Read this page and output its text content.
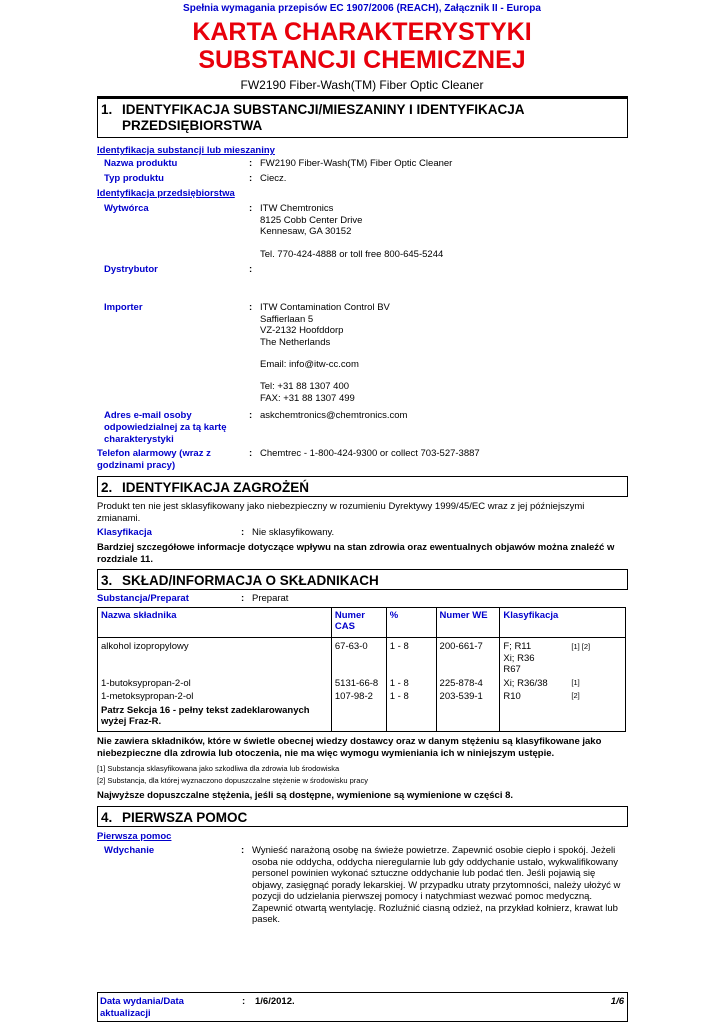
Spełnia wymagania przepisów EC 1907/2006 (REACH), Załącznik II - Europa
KARTA CHARAKTERYSTYKI
SUBSTANCJI CHEMICZNEJ
FW2190 Fiber-Wash(TM) Fiber Optic Cleaner
1. IDENTYFIKACJA SUBSTANCJI/MIESZANINY I IDENTYFIKACJA
PRZEDSIĘBIORSTWA
Identyfikacja substancji lub mieszaniny
Nazwa produktu	: FW2190 Fiber-Wash(TM) Fiber Optic Cleaner
Typ produktu	: Ciecz.
Identyfikacja przedsiębiorstwa
Wytwórca	: ITW Chemtronics
8125 Cobb Center Drive
Kennesaw, GA 30152
Tel. 770-424-4888 or toll free 800-645-5244
Dystrybutor	:
Importer	: ITW Contamination Control BV
Saffierlaan 5
VZ-2132 Hoofddorp
The Netherlands
Email: info@itw-cc.com
Tel: +31 88 1307 400
FAX: +31 88 1307 499
Adres e-mail osoby
odpowiedzialnej za tą kartę
charakterystyki
: askchemtronics@chemtronics.com
Telefon alarmowy (wraz z
godzinami pracy)
: Chemtrec - 1-800-424-9300 or collect 703-527-3887
2. IDENTYFIKACJA ZAGROŻEŃ
Produkt ten nie jest sklasyfikowany jako niebezpieczny w rozumieniu Dyrektywy 1999/45/EC wraz z jej późniejszymi zmianami.
Klasyfikacja	: Nie sklasyfikowany.
Bardziej szczegółowe informacje dotyczące wpływu na stan zdrowia oraz ewentualnych objawów można znaleźć w rozdziale 11.
3. SKŁAD/INFORMACJA O SKŁADNIKACH
Substancja/Preparat	: Preparat
Nazwa składnika	Numer
CAS	%	Numer WE	Klasyfikacja
alkohol izopropylowy	67-63-0	1 - 8	200-661-7	F; R11
Xi; R36
R67
[1] [2]

1-butoksypropan-2-ol	5131-66-8	1 - 8	225-878-4	Xi; R36/38 [1]

1-metoksypropan-2-ol	107-98-2	1 - 8	203-539-1	R10 [2]

Patrz Sekcja 16 - pełny tekst zadeklarowanych
wyżej Fraz-R.				
Nie zawiera składników, które w świetle obecnej wiedzy dostawcy oraz w danym stężeniu są klasyfikowane jako niebezpieczne dla zdrowia lub otoczenia, nie ma więc wymogu wymieniania ich w niniejszym ustępie.
[1] Substancja sklasyfikowana jako szkodliwa dla zdrowia lub środowiska
[2] Substancja, dla której wyznaczono dopuszczalne stężenie w środowisku pracy
Najwyższe dopuszczalne stężenia, jeśli są dostępne, wymienione są wymienione w części 8.
4. PIERWSZA POMOC
Pierwsza pomoc
Wdychanie	: Wynieść narażoną osobę na świeże powietrze. Zapewnić osobie ciepło i spokój. Jeżeli osoba nie oddycha, oddycha nieregularnie lub gdy oddychanie ustało, wykwalifikowany personel powinien wykonać sztuczne oddychanie lub podać tlen. Jeśli pojawią się objawy, zasięgnąć porady lekarskiej. W przypadku utraty przytomności, należy ułożyć w pozycji do udzielania pierwszej pomocy i natychmiast wezwać pomoc medyczną. Zapewnić otwartą wentylację. Rozluźnić ciasną odzież, na przykład kołnierz, krawat lub pasek.
Data wydania/Data
aktualizacji
: 1/6/2012.	1/6
